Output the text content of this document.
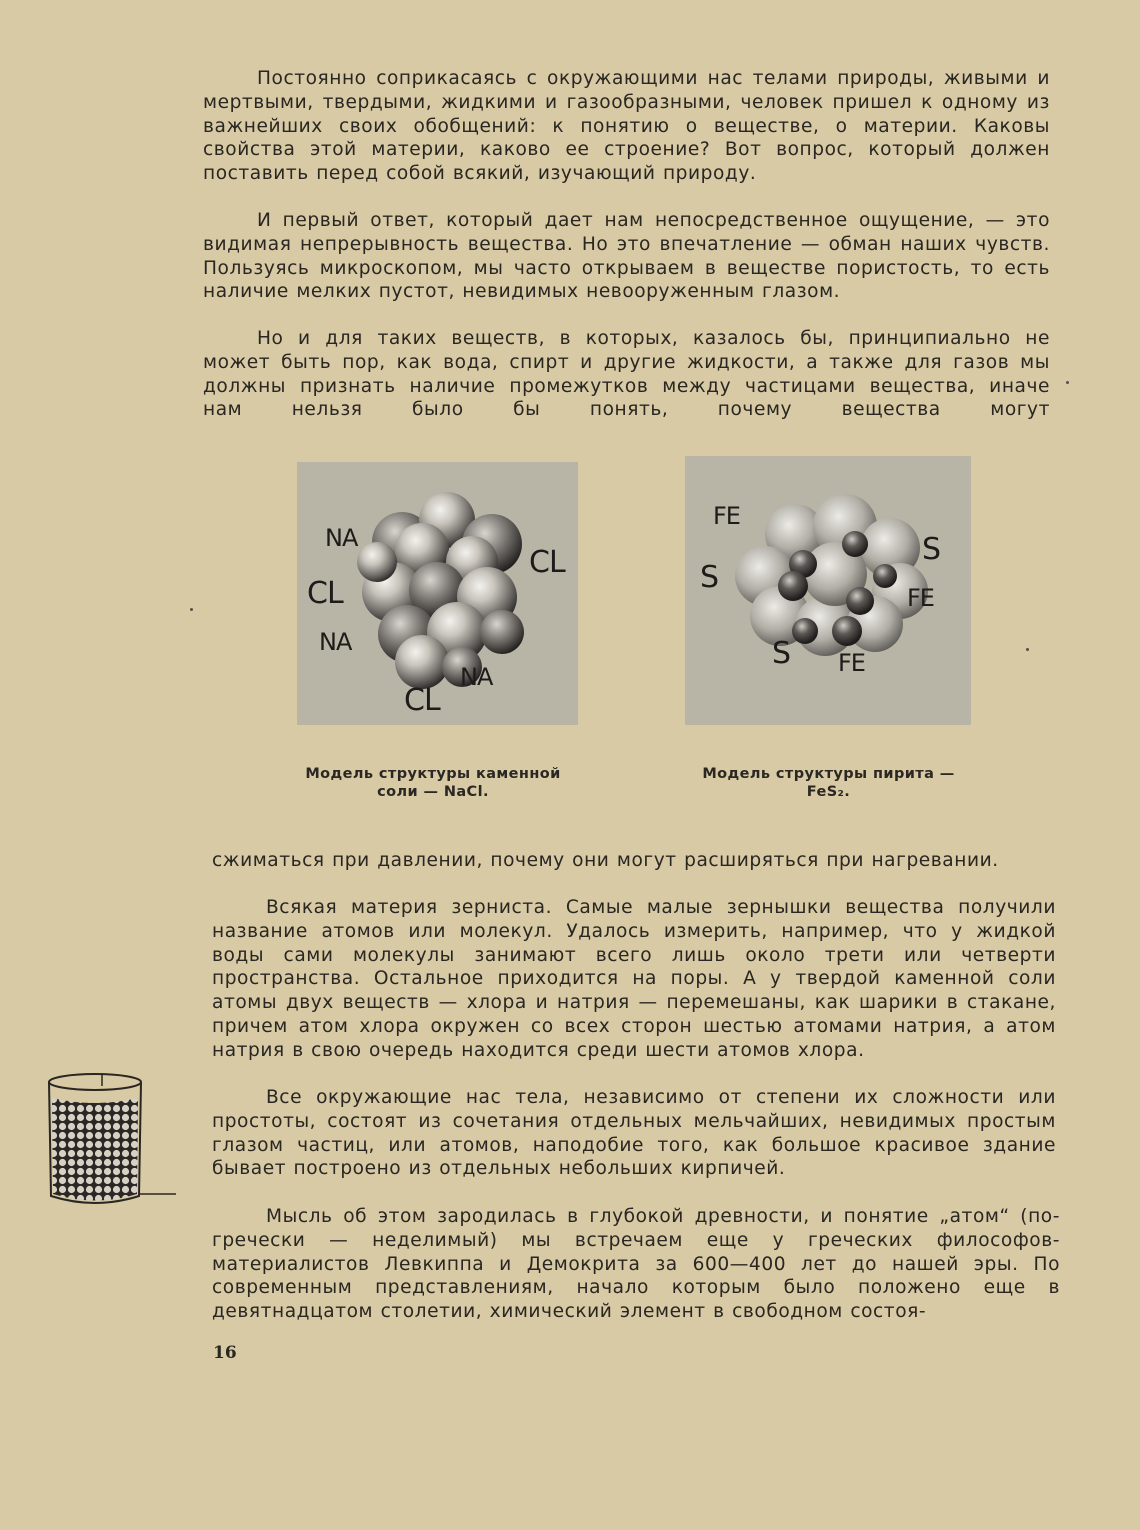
Постоянно соприкасаясь с окружающими нас телами природы, живыми и мертвыми, твердыми, жидкими и газообразными, человек пришел к одному из важнейших своих обобщений: к понятию о веществе, о материи. Каковы свойства этой материи, каково ее строение? Вот вопрос, который должен поставить перед собой всякий, изучающий природу.

И первый ответ, который дает нам непосредственное ощущение, — это видимая непрерывность вещества. Но это впечатление — обман наших чувств. Пользуясь микроскопом, мы часто открываем в веществе пористость, то есть наличие мелких пустот, невидимых невооруженным глазом.

Но и для таких веществ, в которых, казалось бы, принципиально не может быть пор, как вода, спирт и другие жидкости, а также для газов мы должны признать наличие промежутков между частицами вещества, иначе нам нельзя было бы понять, почему вещества могут

NA
CL
CL
NA
NA
CL
FE
S
S
FE
S FE
Модель структуры каменной соли — NaCl.
Модель структуры пирита — FeS₂.

сжиматься при давлении, почему они могут расширяться при нагревании.

Всякая материя зерниста. Самые малые зернышки вещества получили название атомов или молекул. Удалось измерить, например, что у жидкой воды сами молекулы занимают всего лишь около трети или четверти пространства. Остальное приходится на поры. А у твердой каменной соли атомы двух веществ — хлора и натрия — перемешаны, как шарики в стакане, причем атом хлора окружен со всех сторон шестью атомами натрия, а атом натрия в свою очередь находится среди шести атомов хлора.

Все окружающие нас тела, независимо от степени их сложности или простоты, состоят из сочетания отдельных мельчайших, невидимых простым глазом частиц, или атомов, наподобие того, как большое красивое здание бывает построено из отдельных небольших кирпичей.

Мысль об этом зародилась в глубокой древности, и понятие „атом“ (по-гречески — неделимый) мы встречаем еще у греческих философов-материалистов Левкиппа и Демокрита за 600—400 лет до нашей эры. По современным представлениям, начало которым было положено еще в девятнадцатом столетии, химический элемент в свободном состоя-

16
